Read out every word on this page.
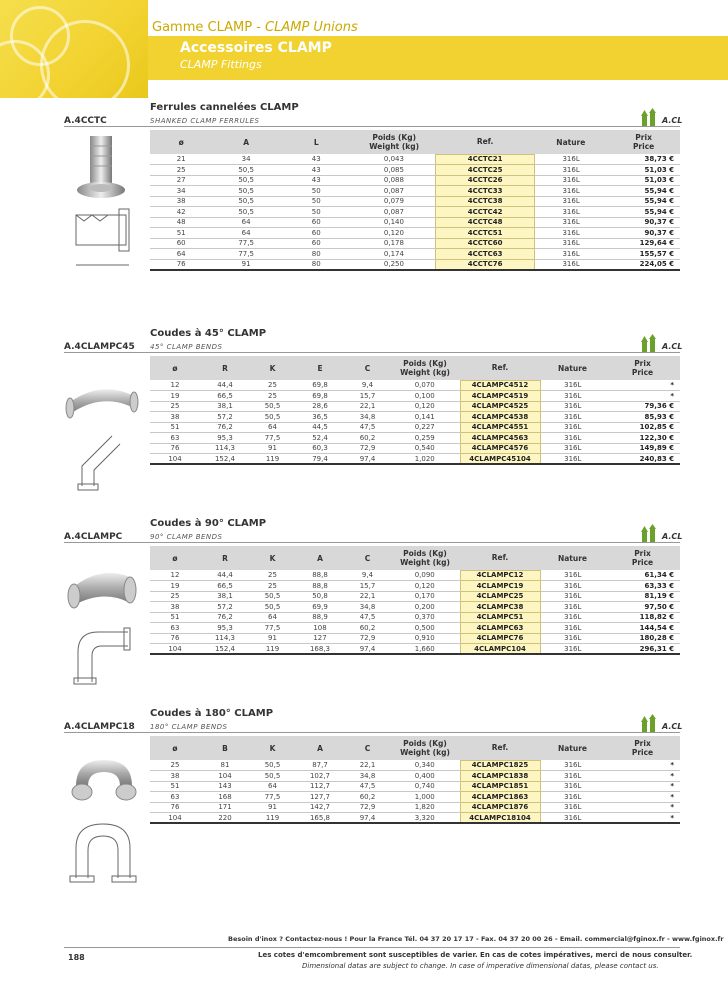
Gamme CLAMP - CLAMP Unions
Accessoires CLAMP
CLAMP Fittings
Ferrules cannelées CLAMP
A.4CCTC	SHANKED CLAMP FERRULES	A.CL
ø	A	L	Poids (Kg)
Weight (kg)	Ref.	Nature	Prix
Price
21	34	43	0,043	4CCTC21	316L	38,73 €
25	50,5	43	0,085	4CCTC25	316L	51,03 €
27	50,5	43	0,088	4CCTC26	316L	51,03 €
34	50,5	50	0,087	4CCTC33	316L	55,94 €
38	50,5	50	0,079	4CCTC38	316L	55,94 €
42	50,5	50	0,087	4CCTC42	316L	55,94 €
48	64	60	0,140	4CCTC48	316L	90,37 €
51	64	60	0,120	4CCTC51	316L	90,37 €
60	77,5	60	0,178	4CCTC60	316L	129,64 €
64	77,5	80	0,174	4CCTC63	316L	155,57 €
76	91	80	0,250	4CCTC76	316L	224,05 €
Coudes à 45° CLAMP
A.4CLAMPC45 45° CLAMP BENDS	A.CL
ø	R	K	E	C	Poids (Kg)
Weight (kg)	Ref.	Nature	Prix
Price
12	44,4	25	69,8	9,4	0,070	4CLAMPC4512	316L	*
19	66,5	25	69,8	15,7	0,100	4CLAMPC4519	316L	*
25	38,1	50,5	28,6	22,1	0,120	4CLAMPC4525	316L	79,36 €
38	57,2	50,5	36,5	34,8	0,141	4CLAMPC4538	316L	85,93 €
51	76,2	64	44,5	47,5	0,227	4CLAMPC4551	316L	102,85 €
63	95,3	77,5	52,4	60,2	0,259	4CLAMPC4563	316L	122,30 €
76	114,3	91	60,3	72,9	0,540	4CLAMPC4576	316L	149,89 €
104	152,4	119	79,4	97,4	1,020	4CLAMPC45104	316L	240,83 €
Coudes à 90° CLAMP
A.4CLAMPC	90° CLAMP BENDS	A.CL
ø	R	K	A	C	Poids (Kg)
Weight (kg)	Ref.	Nature	Prix
Price
12	44,4	25	88,8	9,4	0,090	4CLAMPC12	316L	61,34 €
19	66,5	25	88,8	15,7	0,120	4CLAMPC19	316L	63,33 €
25	38,1	50,5	50,8	22,1	0,170	4CLAMPC25	316L	81,19 €
38	57,2	50,5	69,9	34,8	0,200	4CLAMPC38	316L	97,50 €
51	76,2	64	88,9	47,5	0,370	4CLAMPC51	316L	118,82 €
63	95,3	77,5	108	60,2	0,500	4CLAMPC63	316L	144,54 €
76	114,3	91	127	72,9	0,910	4CLAMPC76	316L	180,28 €
104	152,4	119	168,3	97,4	1,660	4CLAMPC104	316L	296,31 €
Coudes à 180° CLAMP
A.4CLAMPC18 180° CLAMP BENDS	A.CL
ø	B	K	A	C	Poids (Kg)
Weight (kg)	Ref.	Nature	Prix
Price
25	81	50,5	87,7	22,1	0,340	4CLAMPC1825	316L	*
38	104	50,5	102,7	34,8	0,400	4CLAMPC1838	316L	*
51	143	64	112,7	47,5	0,740	4CLAMPC1851	316L	*
63	168	77,5	127,7	60,2	1,000	4CLAMPC1863	316L	*
76	171	91	142,7	72,9	1,820	4CLAMPC1876	316L	*
104	220	119	165,8	97,4	3,320	4CLAMPC18104	316L	*
Besoin d'inox ? Contactez-nous ! Pour la France Tél. 04 37 20 17 17 - Fax. 04 37 20 00 26 - Email. commercial@fginox.fr - www.fginox.fr
188	Les cotes d'emcombrement sont susceptibles de varier. En cas de cotes impératives, merci de nous consulter.
Dimensional datas are subject to change. In case of imperative dimensional datas, please contact us.
